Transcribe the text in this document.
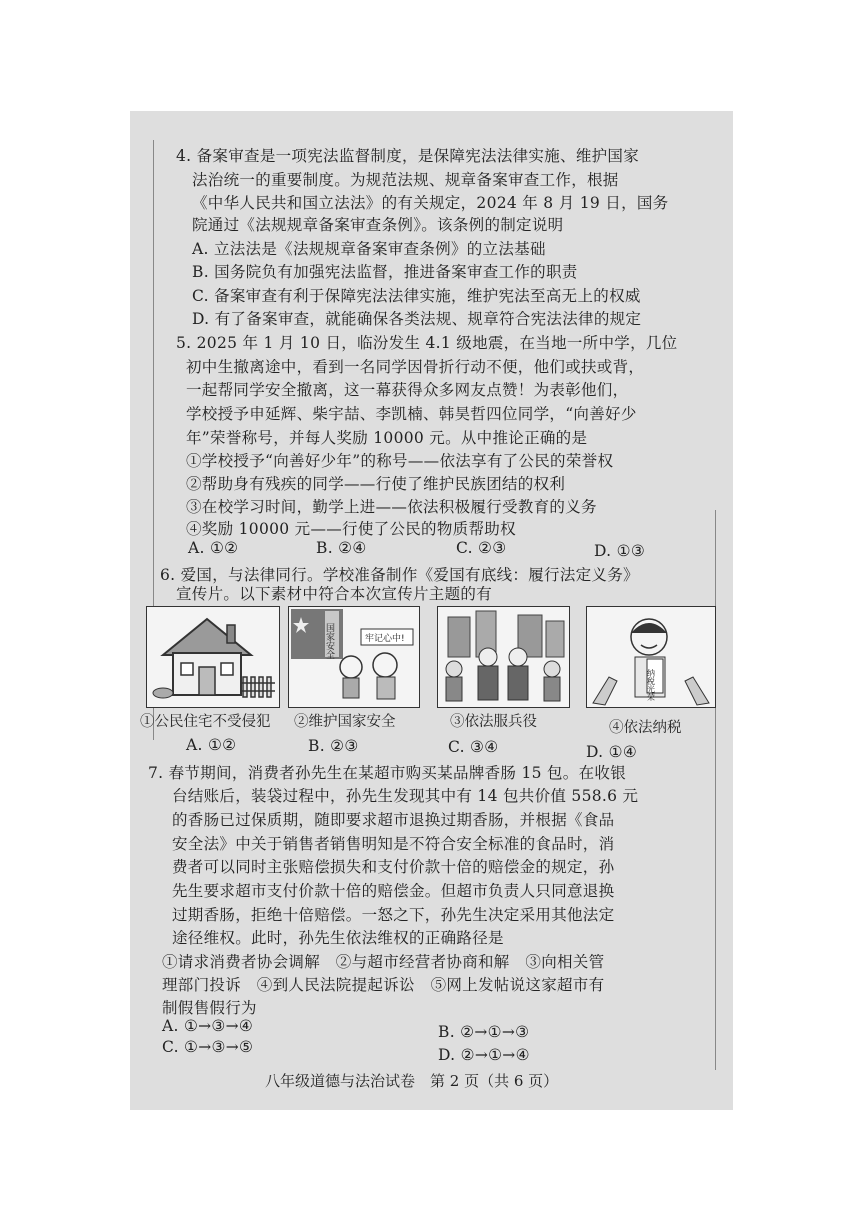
4. 备案审查是一项宪法监督制度，是保障宪法法律实施、维护国家
法治统一的重要制度。为规范法规、规章备案审查工作，根据
《中华人民共和国立法法》的有关规定，2024 年 8 月 19 日，国务
院通过《法规规章备案审查条例》。该条例的制定说明
A. 立法法是《法规规章备案审查条例》的立法基础
B. 国务院负有加强宪法监督，推进备案审查工作的职责
C. 备案审查有利于保障宪法法律实施，维护宪法至高无上的权威
D. 有了备案审查，就能确保各类法规、规章符合宪法法律的规定
5. 2025 年 1 月 10 日，临汾发生 4.1 级地震，在当地一所中学，几位
初中生撤离途中，看到一名同学因骨折行动不便，他们或扶或背，
一起帮同学安全撤离，这一幕获得众多网友点赞！为表彰他们，
学校授予申延辉、柴宇喆、李凯楠、韩昊哲四位同学，“向善好少
年”荣誉称号，并每人奖励 10000 元。从中推论正确的是
①学校授予“向善好少年”的称号——依法享有了公民的荣誉权
②帮助身有残疾的同学——行使了维护民族团结的权利
③在校学习时间，勤学上进——依法积极履行受教育的义务
④奖励 10000 元——行使了公民的物质帮助权
A. ①②	B. ②④	C. ②③	D. ①③
6. 爱国，与法律同行。学校准备制作《爱国有底线：履行法定义务》
宣传片。以下素材中符合本次宣传片主题的有
国家安全	牢记心中!
纳税光荣
①公民住宅不受侵犯 ②维护国家安全	③依法服兵役	④依法纳税
A. ①②	B. ②③	C. ③④	D. ①④
7. 春节期间，消费者孙先生在某超市购买某品牌香肠 15 包。在收银
台结账后，装袋过程中，孙先生发现其中有 14 包共价值 558.6 元
的香肠已过保质期，随即要求超市退换过期香肠，并根据《食品
安全法》中关于销售者销售明知是不符合安全标准的食品时，消
费者可以同时主张赔偿损失和支付价款十倍的赔偿金的规定，孙
先生要求超市支付价款十倍的赔偿金。但超市负责人只同意退换
过期香肠，拒绝十倍赔偿。一怒之下，孙先生决定采用其他法定
途径维权。此时，孙先生依法维权的正确路径是
①请求消费者协会调解　②与超市经营者协商和解　③向相关管
理部门投诉　④到人民法院提起诉讼　⑤网上发帖说这家超市有
制假售假行为
A. ①→③→④	B. ②→①→③
C. ①→③→⑤	D. ②→①→④
八年级道德与法治试卷　第 2 页（共 6 页）
